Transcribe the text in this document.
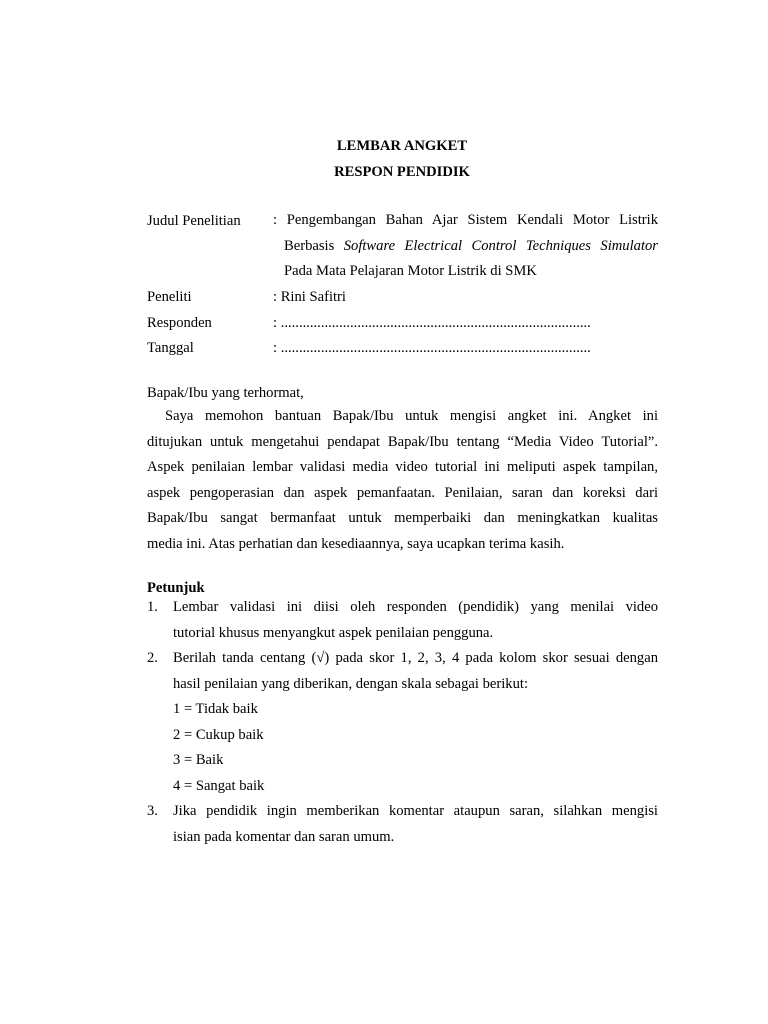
LEMBAR ANGKET
RESPON PENDIDIK
Judul Penelitian : Pengembangan Bahan Ajar Sistem Kendali Motor Listrik
Berbasis Software Electrical Control Techniques Simulator
Pada Mata Pelajaran Motor Listrik di SMK
Peneliti	: Rini Safitri
Responden	: .....................................................................................
Tanggal	: .....................................................................................
Bapak/Ibu yang terhormat,
Saya memohon bantuan Bapak/Ibu untuk mengisi angket ini. Angket ini
ditujukan untuk mengetahui pendapat Bapak/Ibu tentang “Media Video Tutorial”.
Aspek penilaian lembar validasi media video tutorial ini meliputi aspek tampilan,
aspek pengoperasian dan aspek pemanfaatan. Penilaian, saran dan koreksi dari
Bapak/Ibu sangat bermanfaat untuk memperbaiki dan meningkatkan kualitas
media ini. Atas perhatian dan kesediaannya, saya ucapkan terima kasih.
Petunjuk
1. Lembar validasi ini diisi oleh responden (pendidik) yang menilai video
tutorial khusus menyangkut aspek penilaian pengguna.
2. Berilah tanda centang (√) pada skor 1, 2, 3, 4 pada kolom skor sesuai dengan
hasil penilaian yang diberikan, dengan skala sebagai berikut:
1 = Tidak baik
2 = Cukup baik
3 = Baik
4 = Sangat baik
3. Jika pendidik ingin memberikan komentar ataupun saran, silahkan mengisi
isian pada komentar dan saran umum.
